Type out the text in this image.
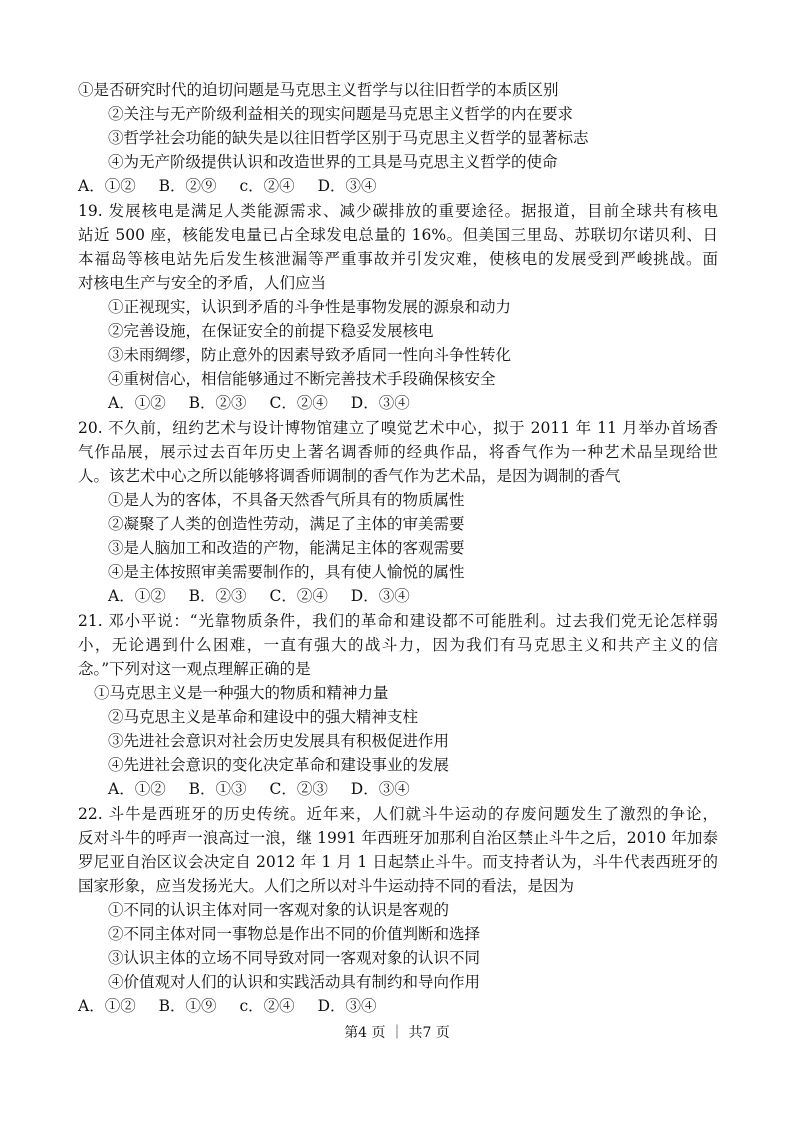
①是否研究时代的迫切问题是马克思主义哲学与以往旧哲学的本质区别
②关注与无产阶级利益相关的现实问题是马克思主义哲学的内在要求
③哲学社会功能的缺失是以往旧哲学区别于马克思主义哲学的显著标志
④为无产阶级提供认识和改造世界的工具是马克思主义哲学的使命
A．①② B．②⑨ c．②④ D．③④
19. 发展核电是满足人类能源需求、减少碳排放的重要途径。据报道，目前全球共有核电
站近 500 座，核能发电量已占全球发电总量的 16%。但美国三里岛、苏联切尔诺贝利、日
本福岛等核电站先后发生核泄漏等严重事故并引发灾难，使核电的发展受到严峻挑战。面
对核电生产与安全的矛盾，人们应当
①正视现实，认识到矛盾的斗争性是事物发展的源泉和动力
②完善设施，在保证安全的前提下稳妥发展核电
③未雨绸缪，防止意外的因素导致矛盾同一性向斗争性转化
④重树信心，相信能够通过不断完善技术手段确保核安全
A．①② B．②③ C．②④ D．③④
20. 不久前，纽约艺术与设计博物馆建立了嗅觉艺术中心，拟于 2011 年 11 月举办首场香
气作品展，展示过去百年历史上著名调香师的经典作品，将香气作为一种艺术品呈现给世
人。该艺术中心之所以能够将调香师调制的香气作为艺术品，是因为调制的香气
①是人为的客体，不具备天然香气所具有的物质属性
②凝聚了人类的创造性劳动，满足了主体的审美需要
③是人脑加工和改造的产物，能满足主体的客观需要
④是主体按照审美需要制作的，具有使人愉悦的属性
A．①② B．②③ C．②④ D．③④
21. 邓小平说：“光靠物质条件，我们的革命和建设都不可能胜利。过去我们党无论怎样弱
小，无论遇到什么困难，一直有强大的战斗力，因为我们有马克思主义和共产主义的信
念。”下列对这一观点理解正确的是
①马克思主义是一种强大的物质和精神力量
②马克思主义是革命和建设中的强大精神支柱
③先进社会意识对社会历史发展具有积极促进作用
④先进社会意识的变化决定革命和建设事业的发展
A．①② B．①③ C．②③ D．③④
22. 斗牛是西班牙的历史传统。近年来，人们就斗牛运动的存废问题发生了激烈的争论，
反对斗牛的呼声一浪高过一浪，继 1991 年西班牙加那利自治区禁止斗牛之后，2010 年加泰
罗尼亚自治区议会决定自 2012 年 1 月 1 日起禁止斗牛。而支持者认为，斗牛代表西班牙的
国家形象，应当发扬光大。人们之所以对斗牛运动持不同的看法，是因为
①不同的认识主体对同一客观对象的认识是客观的
②不同主体对同一事物总是作出不同的价值判断和选择
③认识主体的立场不同导致对同一客观对象的认识不同
④价值观对人们的认识和实践活动具有制约和导向作用
A．①② B．①⑨ c．②④ D．③④
第4 页 ｜ 共7 页
